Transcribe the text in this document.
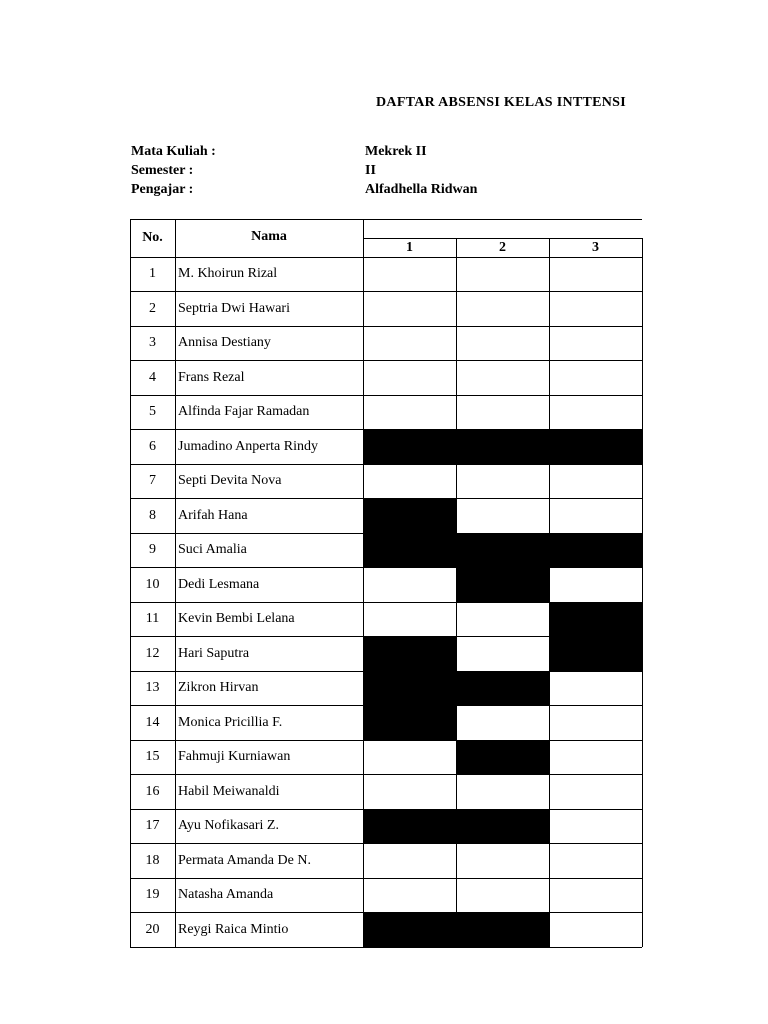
DAFTAR ABSENSI KELAS INTTENSI
Mata Kuliah :	Mekrek II
Semester :	II
Pengajar :	Alfadhella Ridwan
No.	Nama
1	2	3
1	M. Khoirun Rizal
2	Septria Dwi Hawari
3	Annisa Destiany
4	Frans Rezal
5	Alfinda Fajar Ramadan
6	Jumadino Anperta Rindy
7	Septi Devita Nova
8	Arifah Hana
9	Suci Amalia
10	Dedi Lesmana
11	Kevin Bembi Lelana
12	Hari Saputra
13	Zikron Hirvan
14	Monica Pricillia F.
15	Fahmuji Kurniawan
16	Habil Meiwanaldi
17	Ayu Nofikasari Z.
18	Permata Amanda De N.
19	Natasha Amanda
20	Reygi Raica Mintio
